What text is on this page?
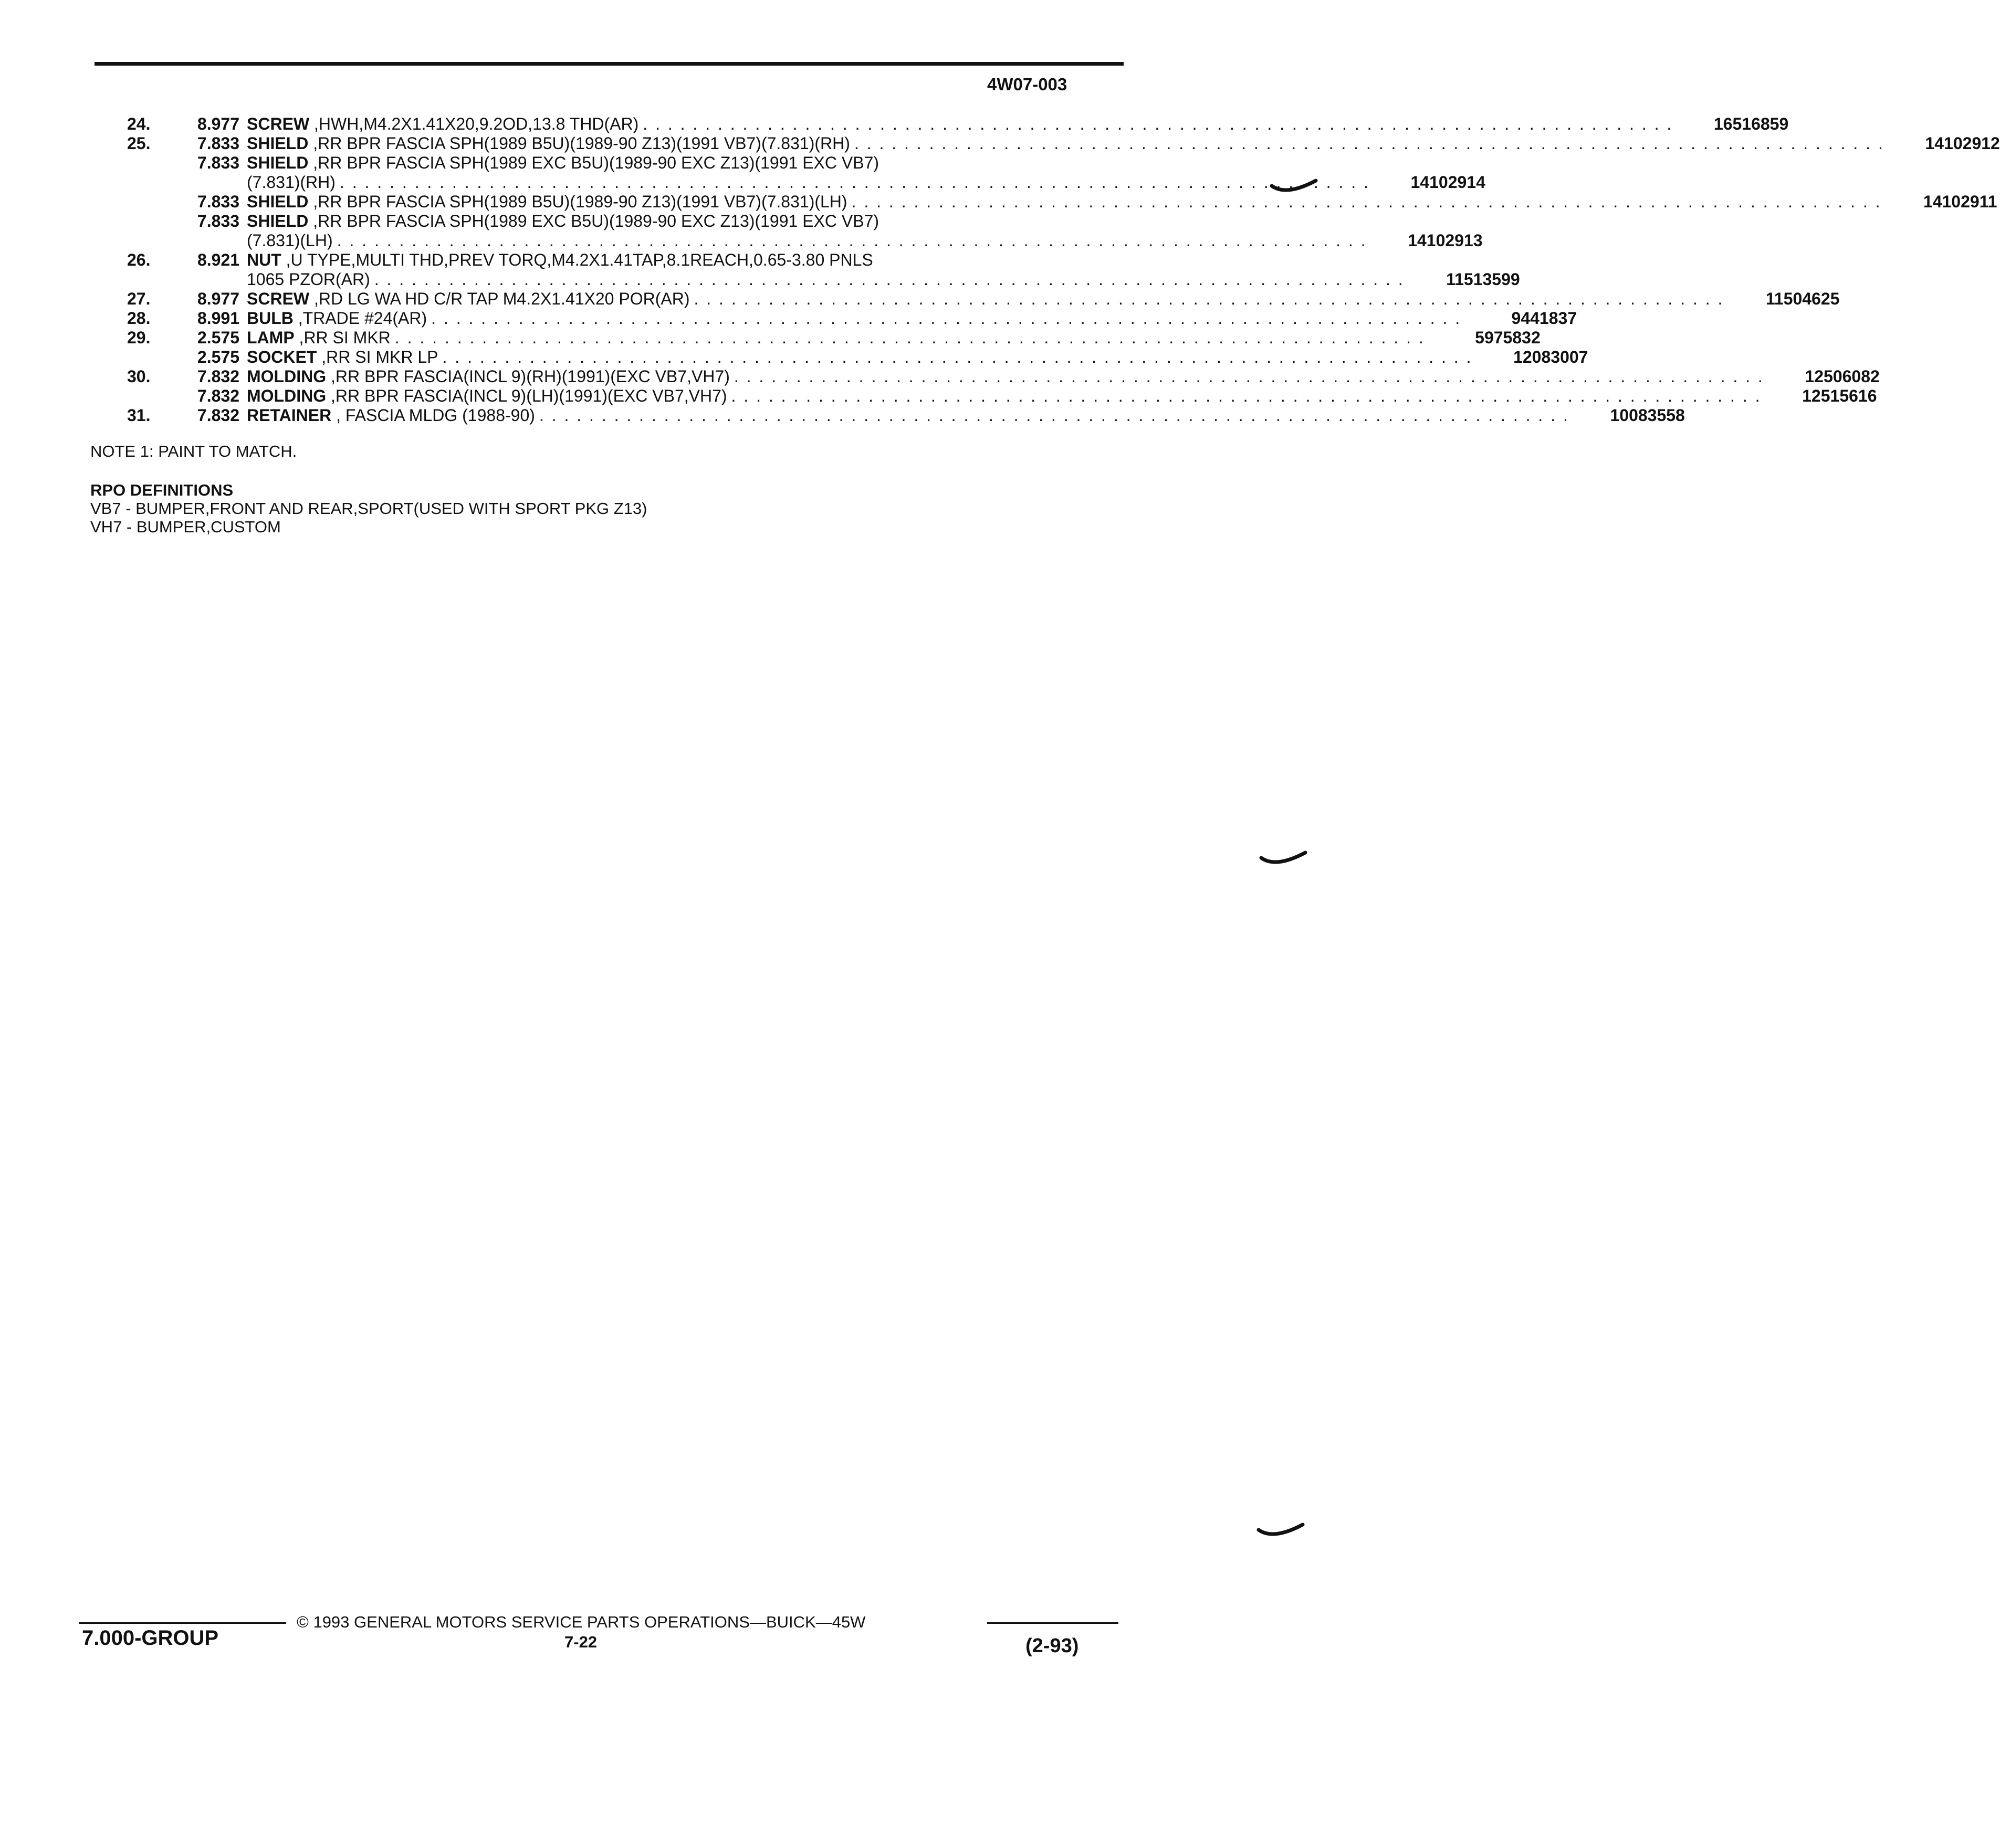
4W07-003
24.	8.977 SCREW ,HWH,M4.2X1.41X20,9.2OD,13.8 THD(AR) . . . . . . . . . . . . . . . . . . . . . . . . . . . . . . . . . . . . . . . . . . . . . . . . . . . . . . . . . . . . . . . . . . . . . . . . . . . . . . . . . . .	16516859
25.	7.833 SHIELD ,RR BPR FASCIA SPH(1989 B5U)(1989-90 Z13)(1991 VB7)(7.831)(RH) . . . . . . . . . . . . . . . . . . . . . . . . . . . . . . . . . . . . . . . . . . . . . . . . . . . . . . . . . . . . . . . . . . . . . . . . . . . . . . . . . . .	14102912
7.833 SHIELD ,RR BPR FASCIA SPH(1989 EXC B5U)(1989-90 EXC Z13)(1991 EXC VB7)
(7.831)(RH) . . . . . . . . . . . . . . . . . . . . . . . . . . . . . . . . . . . . . . . . . . . . . . . . . . . . . . . . . . . . . . . . . . . . . . . . . . . . . . . . . . .	14102914
7.833 SHIELD ,RR BPR FASCIA SPH(1989 B5U)(1989-90 Z13)(1991 VB7)(7.831)(LH) . . . . . . . . . . . . . . . . . . . . . . . . . . . . . . . . . . . . . . . . . . . . . . . . . . . . . . . . . . . . . . . . . . . . . . . . . . . . . . . . . . .	14102911
7.833 SHIELD ,RR BPR FASCIA SPH(1989 EXC B5U)(1989-90 EXC Z13)(1991 EXC VB7)
(7.831)(LH) . . . . . . . . . . . . . . . . . . . . . . . . . . . . . . . . . . . . . . . . . . . . . . . . . . . . . . . . . . . . . . . . . . . . . . . . . . . . . . . . . . .	14102913
26.	8.921 NUT ,U TYPE,MULTI THD,PREV TORQ,M4.2X1.41TAP,8.1REACH,0.65-3.80 PNLS
1065 PZOR(AR) . . . . . . . . . . . . . . . . . . . . . . . . . . . . . . . . . . . . . . . . . . . . . . . . . . . . . . . . . . . . . . . . . . . . . . . . . . . . . . . . . . .	11513599
27.	8.977 SCREW ,RD LG WA HD C/R TAP M4.2X1.41X20 POR(AR) . . . . . . . . . . . . . . . . . . . . . . . . . . . . . . . . . . . . . . . . . . . . . . . . . . . . . . . . . . . . . . . . . . . . . . . . . . . . . . . . . . .	11504625
28.	8.991 BULB ,TRADE #24(AR) . . . . . . . . . . . . . . . . . . . . . . . . . . . . . . . . . . . . . . . . . . . . . . . . . . . . . . . . . . . . . . . . . . . . . . . . . . . . . . . . . . .	9441837
29.	2.575 LAMP ,RR SI MKR . . . . . . . . . . . . . . . . . . . . . . . . . . . . . . . . . . . . . . . . . . . . . . . . . . . . . . . . . . . . . . . . . . . . . . . . . . . . . . . . . . .	5975832
2.575 SOCKET ,RR SI MKR LP . . . . . . . . . . . . . . . . . . . . . . . . . . . . . . . . . . . . . . . . . . . . . . . . . . . . . . . . . . . . . . . . . . . . . . . . . . . . . . . . . . .	12083007
30.	7.832 MOLDING ,RR BPR FASCIA(INCL 9)(RH)(1991)(EXC VB7,VH7) . . . . . . . . . . . . . . . . . . . . . . . . . . . . . . . . . . . . . . . . . . . . . . . . . . . . . . . . . . . . . . . . . . . . . . . . . . . . . . . . . . .	12506082
7.832 MOLDING ,RR BPR FASCIA(INCL 9)(LH)(1991)(EXC VB7,VH7) . . . . . . . . . . . . . . . . . . . . . . . . . . . . . . . . . . . . . . . . . . . . . . . . . . . . . . . . . . . . . . . . . . . . . . . . . . . . . . . . . . .	12515616
31.	7.832 RETAINER , FASCIA MLDG (1988-90) . . . . . . . . . . . . . . . . . . . . . . . . . . . . . . . . . . . . . . . . . . . . . . . . . . . . . . . . . . . . . . . . . . . . . . . . . . . . . . . . . . .	10083558
NOTE 1: PAINT TO MATCH.
RPO DEFINITIONS
VB7 - BUMPER,FRONT AND REAR,SPORT(USED WITH SPORT PKG Z13)
VH7 - BUMPER,CUSTOM
7.000-GROUP
© 1993 GENERAL MOTORS SERVICE PARTS OPERATIONS—BUICK—45W
7-22	(2-93)
